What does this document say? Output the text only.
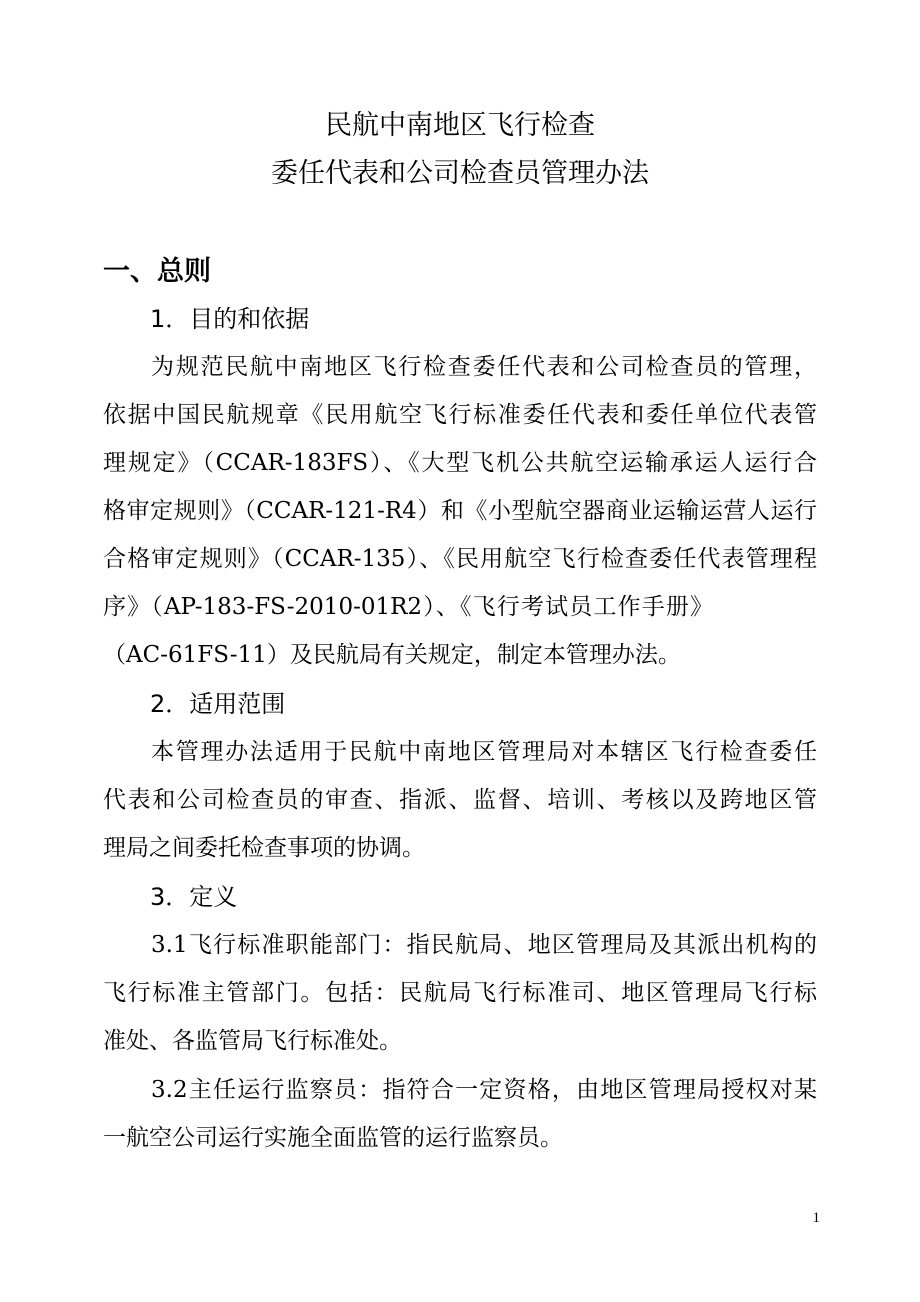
民航中南地区飞行检查
委任代表和公司检查员管理办法
一、总则
1．目的和依据
为规范民航中南地区飞行检查委任代表和公司检查员的管理，
依据中国民航规章《民用航空飞行标准委任代表和委任单位代表管
理规定》（CCAR-183FS）、《大型飞机公共航空运输承运人运行合
格审定规则》（CCAR-121-R4）和《小型航空器商业运输运营人运行
合格审定规则》（CCAR-135）、《民用航空飞行检查委任代表管理程
序》（AP-183-FS-2010-01R2）、《飞行考试员工作手册》
（AC-61FS-11）及民航局有关规定，制定本管理办法。
2．适用范围
本管理办法适用于民航中南地区管理局对本辖区飞行检查委任
代表和公司检查员的审查、指派、监督、培训、考核以及跨地区管
理局之间委托检查事项的协调。
3．定义
3.1飞行标准职能部门：指民航局、地区管理局及其派出机构的
飞行标准主管部门。包括：民航局飞行标准司、地区管理局飞行标
准处、各监管局飞行标准处。
3.2主任运行监察员：指符合一定资格，由地区管理局授权对某
一航空公司运行实施全面监管的运行监察员。
1
